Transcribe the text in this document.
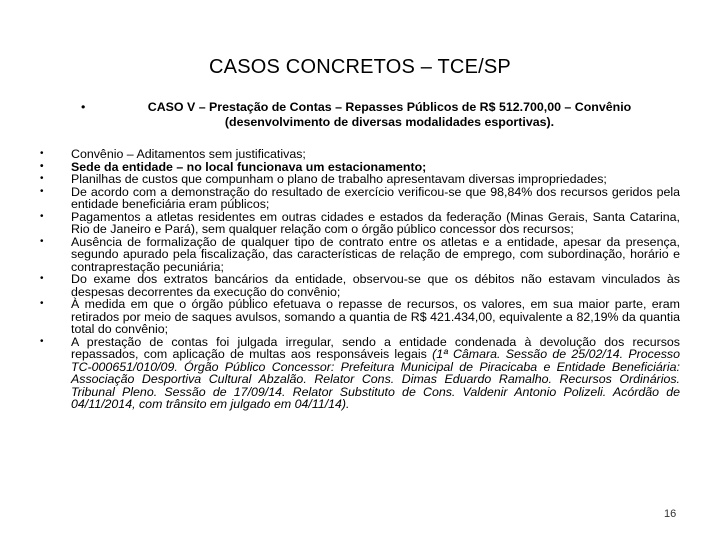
CASOS CONCRETOS – TCE/SP
•	CASO V – Prestação de Contas – Repasses Públicos de R$ 512.700,00 – Convênio
(desenvolvimento de diversas modalidades esportivas).
• Convênio – Aditamentos sem justificativas;
• Sede da entidade – no local funcionava um estacionamento;
• Planilhas de custos que compunham o plano de trabalho apresentavam diversas impropriedades;
• De acordo com a demonstração do resultado de exercício verificou-se que 98,84% dos recursos geridos pela entidade beneficiária eram públicos;
• Pagamentos a atletas residentes em outras cidades e estados da federação (Minas Gerais, Santa Catarina, Rio de Janeiro e Pará), sem qualquer relação com o órgão público concessor dos recursos;
• Ausência de formalização de qualquer tipo de contrato entre os atletas e a entidade, apesar da presença, segundo apurado pela fiscalização, das características de relação de emprego, com subordinação, horário e contraprestação pecuniária;
• Do exame dos extratos bancários da entidade, observou-se que os débitos não estavam vinculados às despesas decorrentes da execução do convênio;
• À medida em que o órgão público efetuava o repasse de recursos, os valores, em sua maior parte, eram retirados por meio de saques avulsos, somando a quantia de R$ 421.434,00, equivalente a 82,19% da quantia total do convênio;
• A prestação de contas foi julgada irregular, sendo a entidade condenada à devolução dos recursos repassados, com aplicação de multas aos responsáveis legais (1ª Câmara. Sessão de 25/02/14. Processo TC-000651/010/09. Órgão Público Concessor: Prefeitura Municipal de Piracicaba e Entidade Beneficiária: Associação Desportiva Cultural Abzalão. Relator Cons. Dimas Eduardo Ramalho. Recursos Ordinários. Tribunal Pleno. Sessão de 17/09/14. Relator Substituto de Cons. Valdenir Antonio Polizeli. Acórdão de 04/11/2014, com trânsito em julgado em 04/11/14).
16
